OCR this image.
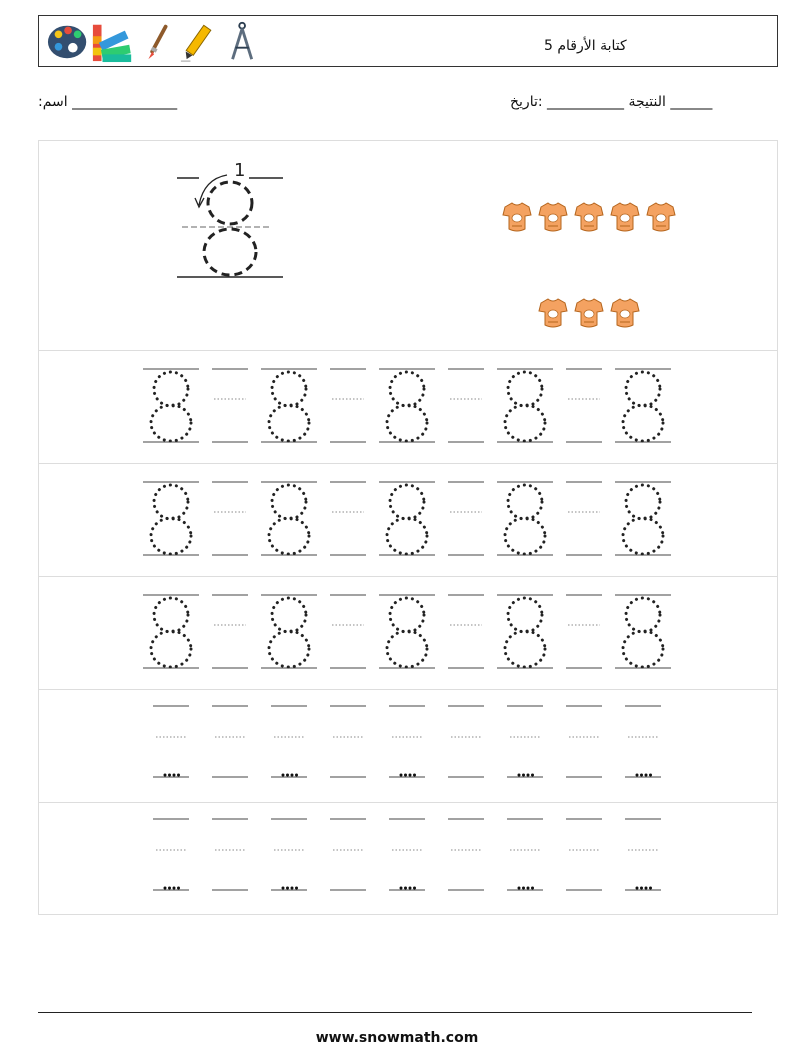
كتابة الأرقام 5
النتيجة ___________ :تاريخ	______
:اسم _______________
1
www.snowmath.com
